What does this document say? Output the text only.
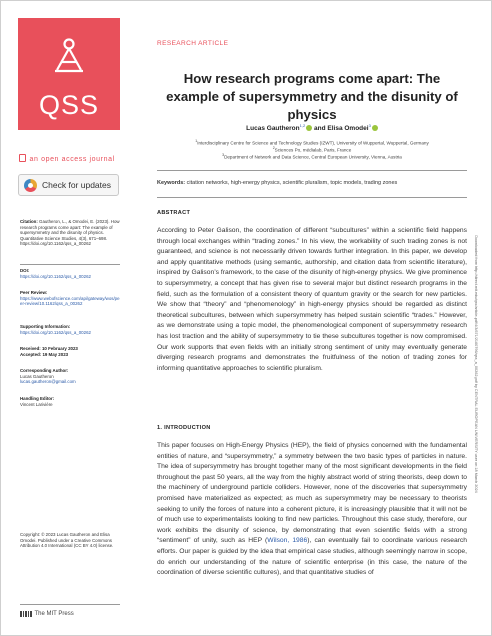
QSS
an open access journal
Check for updates
Citation: Gautheron, L., & Omodei, E. (2023). How research programs come apart: The example of supersymmetry and the disunity of physics. Quantitative Science Studies, 4(3), 671–698. https://doi.org/10.1162/qss_a_00262
DOI:
https://doi.org/10.1162/qss_a_00262
Peer Review:
https://www.webofscience.com/api/gateway/wos/peer-review/10.1162/qss_a_00262
Supporting Information:
https://doi.org/10.1162/qss_a_00262
Received: 10 February 2023
Accepted: 19 May 2023
Corresponding Author:
Lucas Gautheron
lucas.gautheron@gmail.com
Handling Editor:
Vincent Larivière
Copyright: © 2023 Lucas Gautheron and Elisa Omodei. Published under a Creative Commons Attribution 4.0 International (CC BY 4.0) license.
The MIT Press
Downloaded from http://direct.mit.edu/qss/article-pdf/4/3/671/2160796/qss_a_00262.pdf by CENTRAL EUROPEAN UNIVERSITY user on 18 March 2024
RESEARCH ARTICLE
How research programs come apart: The example of supersymmetry and the disunity of physics
Lucas Gautheron$^{1,2}$ and Elisa Omodei$^3$
$^1$Interdisciplinary Centre for Science and Technology Studies (IZWT), University of Wuppertal, Wuppertal, Germany
$^2$Sciences Po, médialab, Paris, France
$^3$Department of Network and Data Science, Central European University, Vienna, Austria
Keywords: citation networks, high-energy physics, scientific pluralism, topic models, trading zones
ABSTRACT
According to Peter Galison, the coordination of different “subcultures” within a scientific field happens through local exchanges within “trading zones.” In his view, the workability of such trading zones is not guaranteed, and science is not necessarily driven towards further integration. In this paper, we develop and apply quantitative methods (using semantic, authorship, and citation data from scientific literature), inspired by Galison’s framework, to the case of the disunity of high-energy physics. We give prominence to supersymmetry, a concept that has given rise to several major but distinct research programs in the field, such as the formulation of a consistent theory of quantum gravity or the search for new particles. We show that “theory” and “phenomenology” in high-energy physics should be regarded as distinct theoretical subcultures, between which supersymmetry has helped sustain scientific “trades.” However, as we demonstrate using a topic model, the phenomenological component of supersymmetry research has lost traction and the ability of supersymmetry to tie these subcultures together is now compromised. Our work supports that even fields with an initially strong sentiment of unity may eventually generate diverging research programs and demonstrates the fruitfulness of the notion of trading zones for informing quantitative approaches to scientific pluralism.
1. INTRODUCTION
This paper focuses on High-Energy Physics (HEP), the field of physics concerned with the fundamental entities of nature, and “supersymmetry,” a symmetry between the two basic types of particles in nature. The idea of supersymmetry has brought together many of the most significant developments in the field throughout the past 50 years, all the way from the highly abstract world of string theorists, deep down to the machinery of underground particle colliders. However, none of the discoveries that supersymmetry promised have materialized as expected; as much as supersymmetry may be necessary to theorists seeking to unify the forces of nature into a coherent picture, it is increasingly plausible that it will not be of much use to experimentalists looking to find new particles. Throughout this case study, therefore, our work exhibits the disunity of science, by demonstrating that even scientific fields with a strong “sentiment” of unity, such as HEP (Wilson, 1986), can eventually fail to coordinate various research efforts. Our paper is guided by the idea that empirical case studies, although seemingly narrow in scope, do enrich our understanding of the nature of scientific enterprise (in this case, the nature of the coordination of diverse scientific cultures), and that quantitative studies of
